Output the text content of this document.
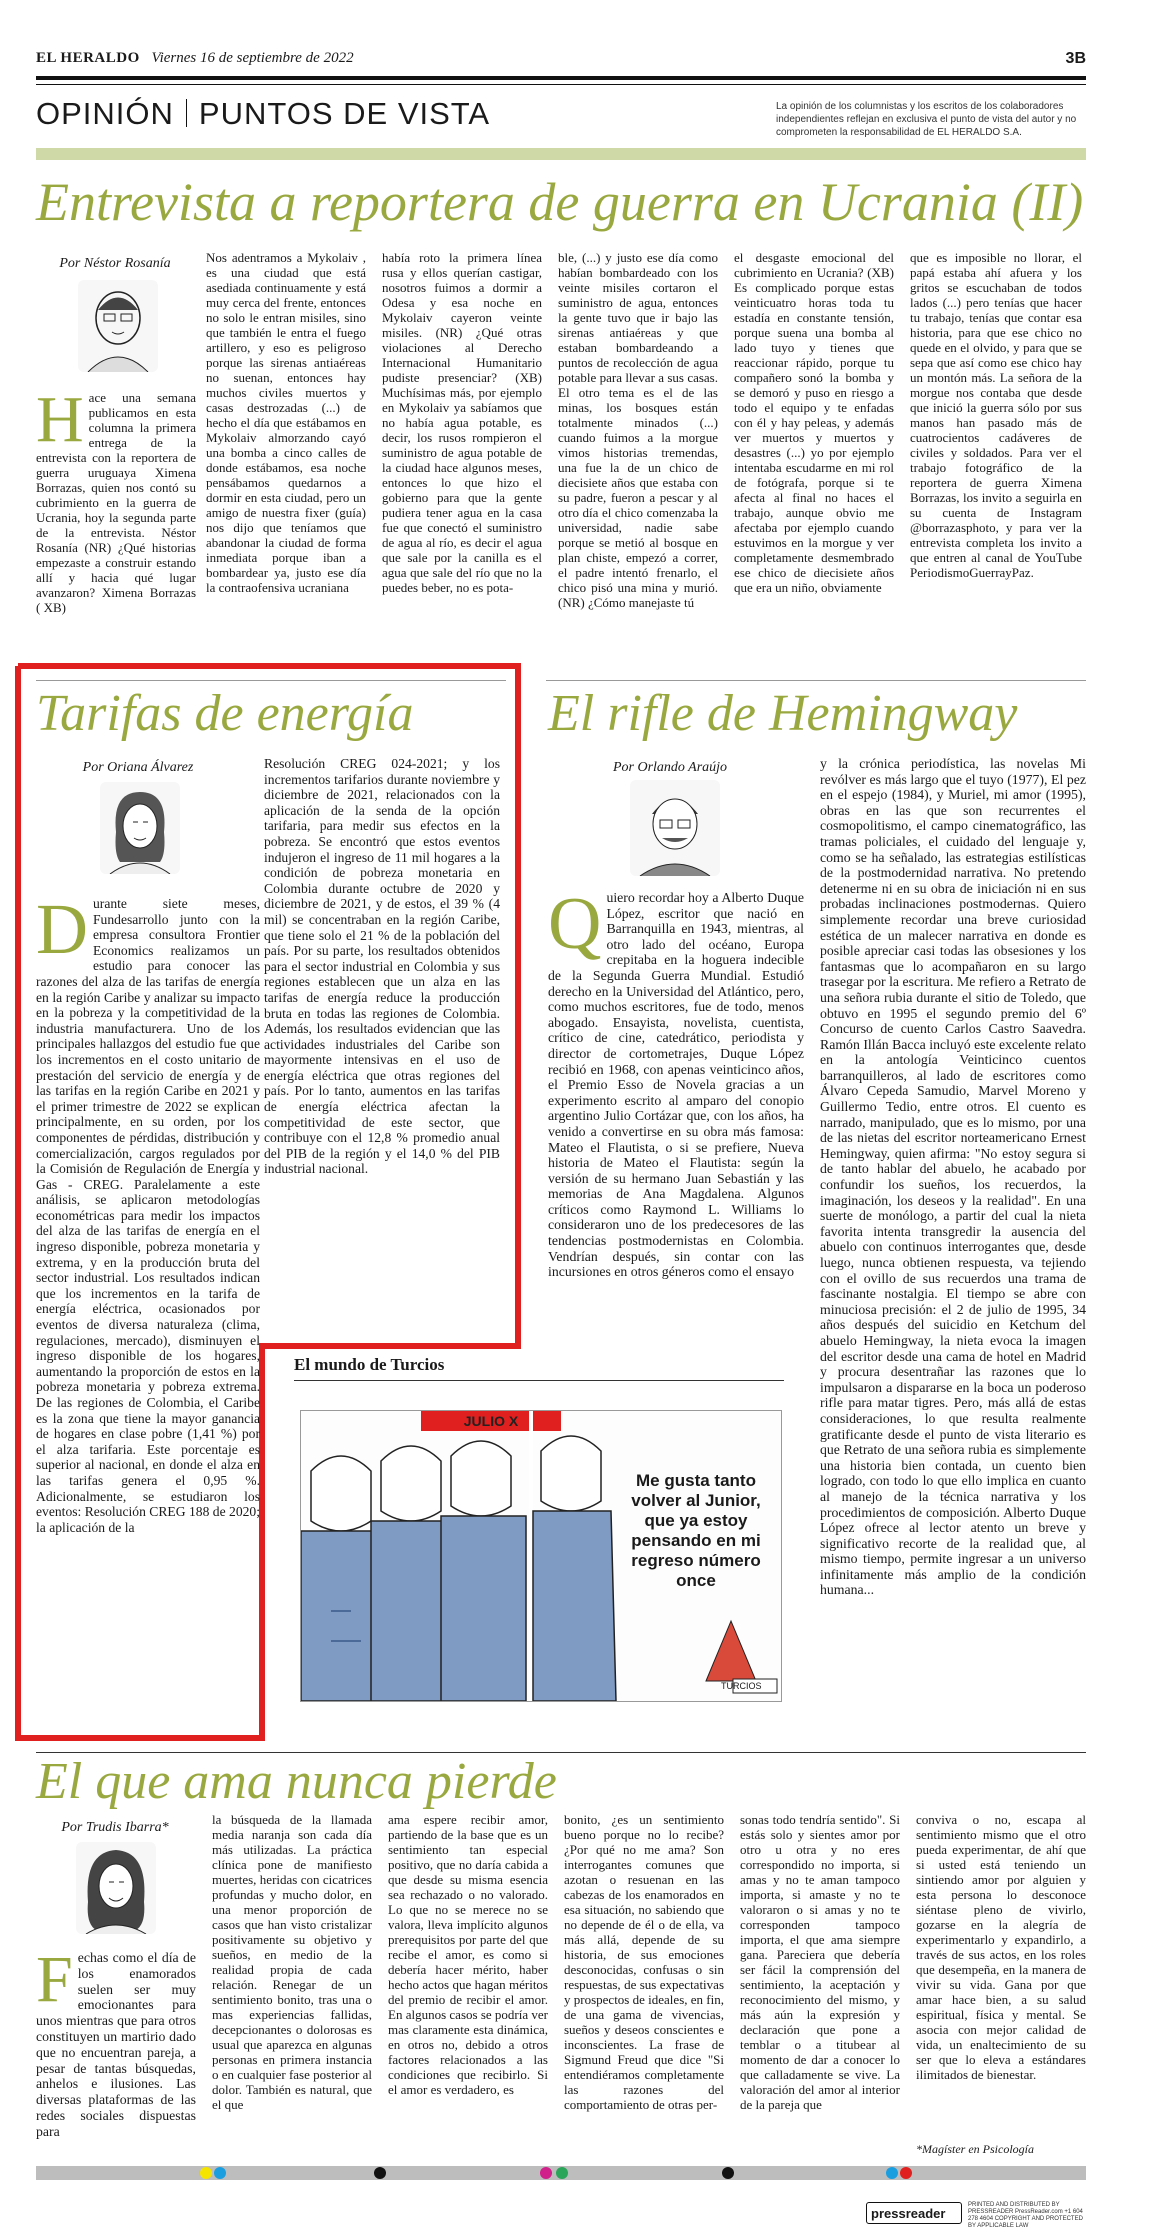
EL HERALDO Viernes 16 de septiembre de 2022	3B
OPINIÓN PUNTOS DE VISTA	La opinión de los columnistas y los escritos de los colaboradores independientes reflejan en exclusiva el punto de vista del autor y no comprometen la responsabilidad de EL HERALDO S.A.
Entrevista a reportera de guerra en Ucrania (II)
Por Néstor Rosanía
Hace una semana publicamos en esta columna la primera entrega de la entrevista con la reportera de guerra uruguaya Ximena Borrazas, quien nos contó su cubrimiento en la guerra de Ucrania, hoy la segunda parte de la entrevista. Néstor Rosanía (NR) ¿Qué historias empezaste a construir estando allí y hacia qué lugar avanzaron? Ximena Borrazas ( XB)
Nos adentramos a Mykolaiv , es una ciudad que está asediada continuamente y está muy cerca del frente, entonces no solo le entran misiles, sino que también le entra el fuego artillero, y eso es peligroso porque las sirenas antiaéreas no suenan, entonces hay muchos civiles muertos y casas destrozadas (...) de hecho el día que estábamos en Mykolaiv almorzando cayó una bomba a cinco calles de donde estábamos, esa noche pensábamos quedarnos a dormir en esta ciudad, pero un amigo de nuestra fixer (guía) nos dijo que teníamos que abandonar la ciudad de forma inmediata porque iban a bombardear ya, justo ese día la contraofensiva ucraniana
había roto la primera línea rusa y ellos querían castigar, nosotros fuimos a dormir a Odesa y esa noche en Mykolaiv cayeron veinte misiles. (NR) ¿Qué otras violaciones al Derecho Internacional Humanitario pudiste presenciar? (XB) Muchísimas más, por ejemplo en Mykolaiv ya sabíamos que no había agua potable, es decir, los rusos rompieron el suministro de agua potable de la ciudad hace algunos meses, entonces lo que hizo el gobierno para que la gente pudiera tener agua en la casa fue que conectó el suministro de agua al río, es decir el agua que sale por la canilla es el agua que sale del río que no la puedes beber, no es pota-
ble, (...) y justo ese día como habían bombardeado con los veinte misiles cortaron el suministro de agua, entonces la gente tuvo que ir bajo las sirenas antiaéreas y que estaban bombardeando a puntos de recolección de agua potable para llevar a sus casas. El otro tema es el de las minas, los bosques están totalmente minados (...) cuando fuimos a la morgue vimos historias tremendas, una fue la de un chico de diecisiete años que estaba con su padre, fueron a pescar y al otro día el chico comenzaba la universidad, nadie sabe porque se metió al bosque en plan chiste, empezó a correr, el padre intentó frenarlo, el chico pisó una mina y murió. (NR) ¿Cómo manejaste tú
el desgaste emocional del cubrimiento en Ucrania? (XB) Es complicado porque estas veinticuatro horas toda tu estadía en constante tensión, porque suena una bomba al lado tuyo y tienes que reaccionar rápido, porque tu compañero sonó la bomba y se demoró y puso en riesgo a todo el equipo y te enfadas con él y hay peleas, y además ver muertos y muertos y desastres (...) yo por ejemplo intentaba escudarme en mi rol de fotógrafa, porque si te afecta al final no haces el trabajo, aunque obvio me afectaba por ejemplo cuando estuvimos en la morgue y ver completamente desmembrado ese chico de diecisiete años que era un niño, obviamente
que es imposible no llorar, el papá estaba ahí afuera y los gritos se escuchaban de todos lados (...) pero tenías que hacer tu trabajo, tenías que contar esa historia, para que ese chico no quede en el olvido, y para que se sepa que así como ese chico hay un montón más. La señora de la morgue nos contaba que desde que inició la guerra sólo por sus manos han pasado más de cuatrocientos cadáveres de civiles y soldados. Para ver el trabajo fotográfico de la reportera de guerra Ximena Borrazas, los invito a seguirla en su cuenta de Instagram @borrazasphoto, y para ver la entrevista completa los invito a que entren al canal de YouTube PeriodismoGuerrayPaz.
Tarifas de energía
Por Oriana Álvarez
Durante siete meses, Fundesarrollo junto con la empresa consultora Frontier Economics realizamos un estudio para conocer las razones del alza de las tarifas de energía en la región Caribe y analizar su impacto en la pobreza y la competitividad de la industria manufacturera. Uno de los principales hallazgos del estudio fue que los incrementos en el costo unitario de prestación del servicio de energía y de las tarifas en la región Caribe en 2021 y el primer trimestre de 2022 se explican principalmente, en su orden, por los componentes de pérdidas, distribución y comercialización, cargos regulados por la Comisión de Regulación de Energía y Gas - CREG. Paralelamente a este análisis, se aplicaron metodologías econométricas para medir los impactos del alza de las tarifas de energía en el ingreso disponible, pobreza monetaria y extrema, y en la producción bruta del sector industrial. Los resultados indican que los incrementos en la tarifa de energía eléctrica, ocasionados por eventos de diversa naturaleza (clima, regulaciones, mercado), disminuyen el ingreso disponible de los hogares, aumentando la proporción de estos en la pobreza monetaria y pobreza extrema. De las regiones de Colombia, el Caribe es la zona que tiene la mayor ganancia de hogares en clase pobre (1,41 %) por el alza tarifaria. Este porcentaje es superior al nacional, en donde el alza en las tarifas genera el 0,95 %. Adicionalmente, se estudiaron los eventos: Resolución CREG 188 de 2020; la aplicación de la
Resolución CREG 024-2021; y los incrementos tarifarios durante noviembre y diciembre de 2021, relacionados con la aplicación de la senda de la opción tarifaria, para medir sus efectos en la pobreza. Se encontró que estos eventos indujeron el ingreso de 11 mil hogares a la condición de pobreza monetaria en Colombia durante octubre de 2020 y diciembre de 2021, y de estos, el 39 % (4 mil) se concentraban en la región Caribe, que tiene solo el 21 % de la población del país. Por su parte, los resultados obtenidos para el sector industrial en Colombia y sus regiones establecen que un alza en las tarifas de energía reduce la producción bruta en todas las regiones de Colombia. Además, los resultados evidencian que las actividades industriales del Caribe son mayormente intensivas en el uso de energía eléctrica que otras regiones del país. Por lo tanto, aumentos en las tarifas de energía eléctrica afectan la competitividad de este sector, que contribuye con el 12,8 % promedio anual del PIB de la región y el 14,0 % del PIB industrial nacional.
El rifle de Hemingway
Por Orlando Araújo
Quiero recordar hoy a Alberto Duque López, escritor que nació en Barranquilla en 1943, mientras, al otro lado del océano, Europa crepitaba en la hoguera indecible de la Segunda Guerra Mundial. Estudió derecho en la Universidad del Atlántico, pero, como muchos escritores, fue de todo, menos abogado. Ensayista, novelista, cuentista, crítico de cine, catedrático, periodista y director de cortometrajes, Duque López recibió en 1968, con apenas veinticinco años, el Premio Esso de Novela gracias a un experimento escrito al amparo del conopio argentino Julio Cortázar que, con los años, ha venido a convertirse en su obra más famosa: Mateo el Flautista, o si se prefiere, Nueva historia de Mateo el Flautista: según la versión de su hermano Juan Sebastián y las memorias de Ana Magdalena. Algunos críticos como Raymond L. Williams lo consideraron uno de los predecesores de las tendencias postmodernistas en Colombia. Vendrían después, sin contar con las incursiones en otros géneros como el ensayo
y la crónica periodística, las novelas Mi revólver es más largo que el tuyo (1977), El pez en el espejo (1984), y Muriel, mi amor (1995), obras en las que son recurrentes el cosmopolitismo, el campo cinematográfico, las tramas policiales, el cuidado del lenguaje y, como se ha señalado, las estrategias estilísticas de la postmodernidad narrativa. No pretendo detenerme ni en su obra de iniciación ni en sus probadas inclinaciones postmodernas. Quiero simplemente recordar una breve curiosidad estética de un malecer narrativa en donde es posible apreciar casi todas las obsesiones y los fantasmas que lo acompañaron en su largo trasegar por la escritura. Me refiero a Retrato de una señora rubia durante el sitio de Toledo, que obtuvo en 1995 el segundo premio del 6º Concurso de cuento Carlos Castro Saavedra. Ramón Illán Bacca incluyó este excelente relato en la antología Veinticinco cuentos barranquilleros, al lado de escritores como Álvaro Cepeda Samudio, Marvel Moreno y Guillermo Tedio, entre otros. El cuento es narrado, manipulado, que es lo mismo, por una de las nietas del escritor norteamericano Ernest Hemingway, quien afirma: "No estoy segura si de tanto hablar del abuelo, he acabado por confundir los sueños, los recuerdos, la imaginación, los deseos y la realidad". En una suerte de monólogo, a partir del cual la nieta favorita intenta transgredir la ausencia del abuelo con continuos interrogantes que, desde luego, nunca obtienen respuesta, va tejiendo con el ovillo de sus recuerdos una trama de fascinante nostalgia. El tiempo se abre con minuciosa precisión: el 2 de julio de 1995, 34 años después del suicidio en Ketchum del abuelo Hemingway, la nieta evoca la imagen del escritor desde una cama de hotel en Madrid y procura desentrañar las razones que lo impulsaron a dispararse en la boca un poderoso rifle para matar tigres. Pero, más allá de estas consideraciones, lo que resulta realmente gratificante desde el punto de vista literario es que Retrato de una señora rubia es simplemente una historia bien contada, un cuento bien logrado, con todo lo que ello implica en cuanto al manejo de la técnica narrativa y los procedimientos de composición. Alberto Duque López ofrece al lector atento un breve y significativo recorte de la realidad que, al mismo tiempo, permite ingresar a un universo infinitamente más amplio de la condición humana...
El mundo de Turcios
JULIO X
Me gusta tanto volver al Junior, que ya estoy pensando en mi regreso número once
TURCIOS
El que ama nunca pierde
Por Trudis Ibarra*
Fechas como el día de los enamorados suelen ser muy emocionantes para unos mientras que para otros constituyen un martirio dado que no encuentran pareja, a pesar de tantas búsquedas, anhelos e ilusiones. Las diversas plataformas de las redes sociales dispuestas para
la búsqueda de la llamada media naranja son cada día más utilizadas. La práctica clínica pone de manifiesto muertes, heridas con cicatrices profundas y mucho dolor, en una menor proporción de casos que han visto cristalizar positivamente su objetivo y sueños, en medio de la realidad propia de cada relación. Renegar de un sentimiento bonito, tras una o mas experiencias fallidas, decepcionantes o dolorosas es usual que aparezca en algunas personas en primera instancia o en cualquier fase posterior al dolor. También es natural, que el que
ama espere recibir amor, partiendo de la base que es un sentimiento tan especial positivo, que no daría cabida a que desde su misma esencia sea rechazado o no valorado. Lo que no se merece no se valora, lleva implícito algunos prerequisitos por parte del que recibe el amor, es como si debería hacer mérito, haber hecho actos que hagan méritos del premio de recibir el amor. En algunos casos se podría ver mas claramente esta dinámica, en otros no, debido a otros factores relacionados a las condiciones que recibirlo. Si el amor es verdadero, es
bonito, ¿es un sentimiento bueno porque no lo recibe? ¿Por qué no me ama? Son interrogantes comunes que azotan o resuenan en las cabezas de los enamorados en esa situación, no sabiendo que no depende de él o de ella, va más allá, depende de su historia, de sus emociones desconocidas, confusas o sin respuestas, de sus expectativas y prospectos de ideales, en fin, de una gama de vivencias, sueños y deseos conscientes e inconscientes. La frase de Sigmund Freud que dice "Si entendiéramos completamente las razones del comportamiento de otras per-
sonas todo tendría sentido". Si estás solo y sientes amor por otro u otra y no eres correspondido no importa, si amas y no te aman tampoco importa, si amaste y no te valoraron o si amas y no te corresponden tampoco importa, el que ama siempre gana. Pareciera que debería ser fácil la comprensión del sentimiento, la aceptación y reconocimiento del mismo, y más aún la expresión y declaración que pone a temblar o a titubear al momento de dar a conocer lo que calladamente se vive. La valoración del amor al interior de la pareja que
conviva o no, escapa al sentimiento mismo que el otro pueda experimentar, de ahí que si usted está teniendo un sintiendo amor por alguien y esta persona lo desconoce siéntase pleno de vivirlo, gozarse en la alegría de experimentarlo y expandirlo, a través de sus actos, en los roles que desempeña, en la manera de vivir su vida. Gana por que amar hace bien, a su salud espiritual, física y mental. Se asocia con mejor calidad de vida, un enaltecimiento de su ser que lo eleva a estándares ilimitados de bienestar.
*Magíster en Psicología
pressreader
PRINTED AND DISTRIBUTED BY PRESSREADER PressReader.com +1 604 278 4604 COPYRIGHT AND PROTECTED BY APPLICABLE LAW
